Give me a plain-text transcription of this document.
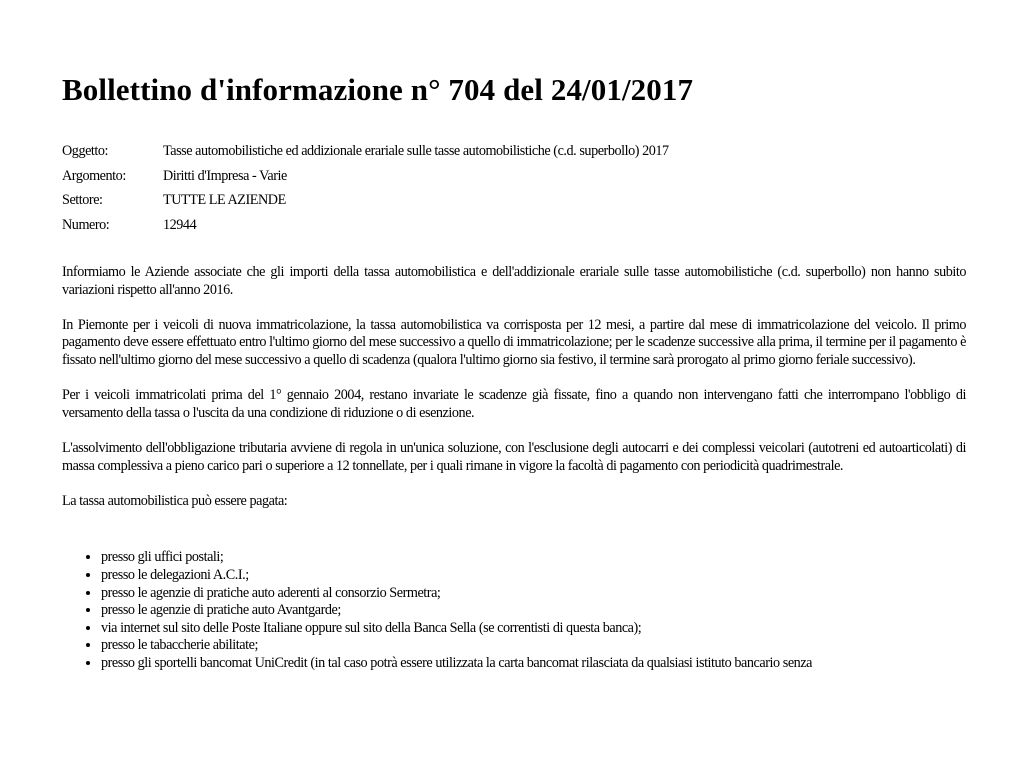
Bollettino d'informazione n° 704 del 24/01/2017
Oggetto:	Tasse automobilistiche ed addizionale erariale sulle tasse automobilistiche (c.d. superbollo) 2017
Argomento:	Diritti d'Impresa - Varie
Settore:	TUTTE LE AZIENDE
Numero:	12944

Informiamo le Aziende associate che gli importi della tassa automobilistica e dell'addizionale erariale sulle tasse automobilistiche (c.d. superbollo) non hanno subito variazioni rispetto all'anno 2016.

In Piemonte per i veicoli di nuova immatricolazione, la tassa automobilistica va corrisposta per 12 mesi, a partire dal mese di immatricolazione del veicolo. Il primo pagamento deve essere effettuato entro l'ultimo giorno del mese successivo a quello di immatricolazione; per le scadenze successive alla prima, il termine per il pagamento è fissato nell'ultimo giorno del mese successivo a quello di scadenza (qualora l'ultimo giorno sia festivo, il termine sarà prorogato al primo giorno feriale successivo).

Per i veicoli immatricolati prima del 1° gennaio 2004, restano invariate le scadenze già fissate, fino a quando non intervengano fatti che interrompano l'obbligo di versamento della tassa o l'uscita da una condizione di riduzione o di esenzione.

L'assolvimento dell'obbligazione tributaria avviene di regola in un'unica soluzione, con l'esclusione degli autocarri e dei complessi veicolari (autotreni ed autoarticolati) di massa complessiva a pieno carico pari o superiore a 12 tonnellate, per i quali rimane in vigore la facoltà di pagamento con periodicità quadrimestrale.

La tassa automobilistica può essere pagata:

• presso gli uffici postali;
• presso le delegazioni A.C.I.;
• presso le agenzie di pratiche auto aderenti al consorzio Sermetra;
• presso le agenzie di pratiche auto Avantgarde;
• via internet sul sito delle Poste Italiane oppure sul sito della Banca Sella (se correntisti di questa banca);
• presso le tabaccherie abilitate;
• presso gli sportelli bancomat UniCredit (in tal caso potrà essere utilizzata la carta bancomat rilasciata da qualsiasi istituto bancario senza
